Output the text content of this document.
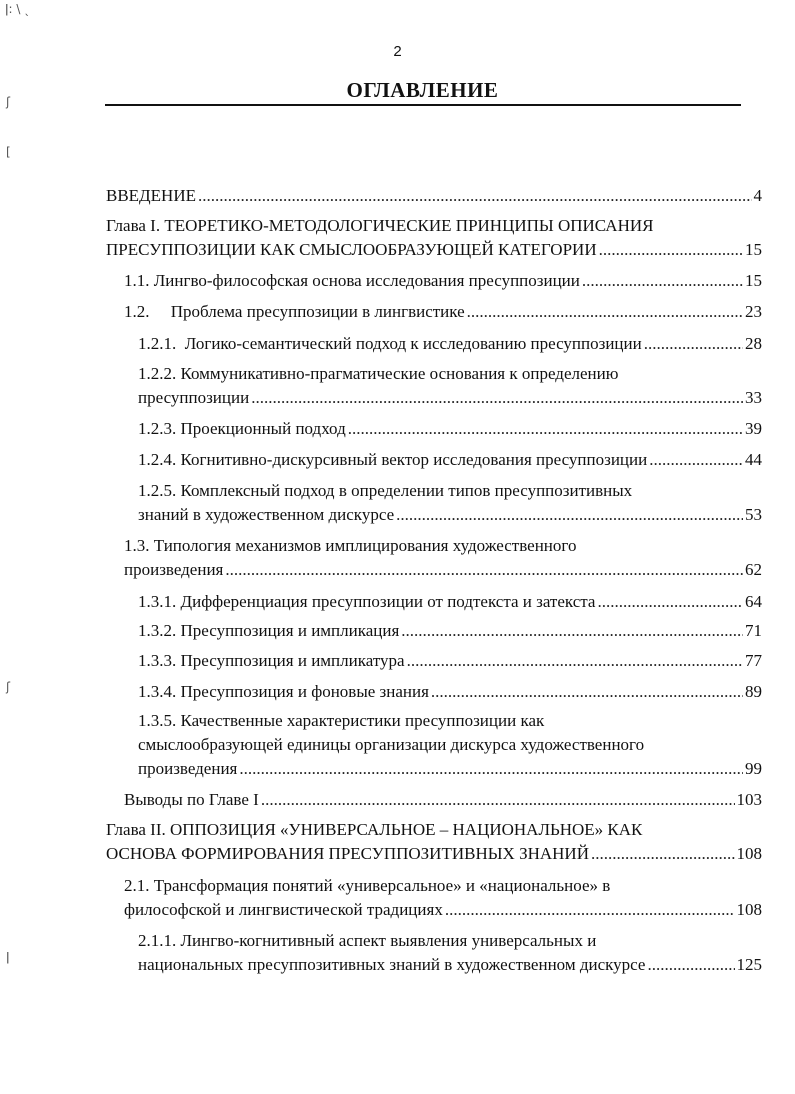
2
ОГЛАВЛЕНИЕ
ǀ: \ ˎ
ʃ
[
ʃ
ǀ
ВВЕДЕНИЕ .....	4
Глава I. ТЕОРЕТИКО-МЕТОДОЛОГИЧЕСКИЕ ПРИНЦИПЫ ОПИСАНИЯ
ПРЕСУППОЗИЦИИ КАК СМЫСЛООБРАЗУЮЩЕЙ КАТЕГОРИИ .....	15
1.1. Лингво-философская основа исследования пресуппозиции .....	15
1.2.     Проблема пресуппозиции в лингвистике .....	23
1.2.1.  Логико-семантический подход к исследованию пресуппозиции .....	28
1.2.2. Коммуникативно-прагматические основания к определению
пресуппозиции .....	33
1.2.3. Проекционный подход .....	39
1.2.4. Когнитивно-дискурсивный вектор исследования пресуппозиции .....	44
1.2.5. Комплексный подход в определении типов пресуппозитивных
знаний в художественном дискурсе .....	53
1.3. Типология механизмов имплицирования художественного
произведения .....	62
1.3.1. Дифференциация пресуппозиции от подтекста и затекста .....	64
1.3.2. Пресуппозиция и импликация .....	71
1.3.3. Пресуппозиция и импликатура .....	77
1.3.4. Пресуппозиция и фоновые знания .....	89
1.3.5. Качественные характеристики пресуппозиции как
смыслообразующей единицы организации дискурса художественного
произведения .....	99
Выводы по Главе I .....	103
Глава II. ОППОЗИЦИЯ «УНИВЕРСАЛЬНОЕ – НАЦИОНАЛЬНОЕ» КАК
ОСНОВА ФОРМИРОВАНИЯ ПРЕСУППОЗИТИВНЫХ ЗНАНИЙ .....	108
2.1. Трансформация понятий «универсальное» и «национальное» в
философской и лингвистической традициях .....	108
2.1.1. Лингво-когнитивный аспект выявления универсальных и
национальных пресуппозитивных знаний в художественном дискурсе .....	125
